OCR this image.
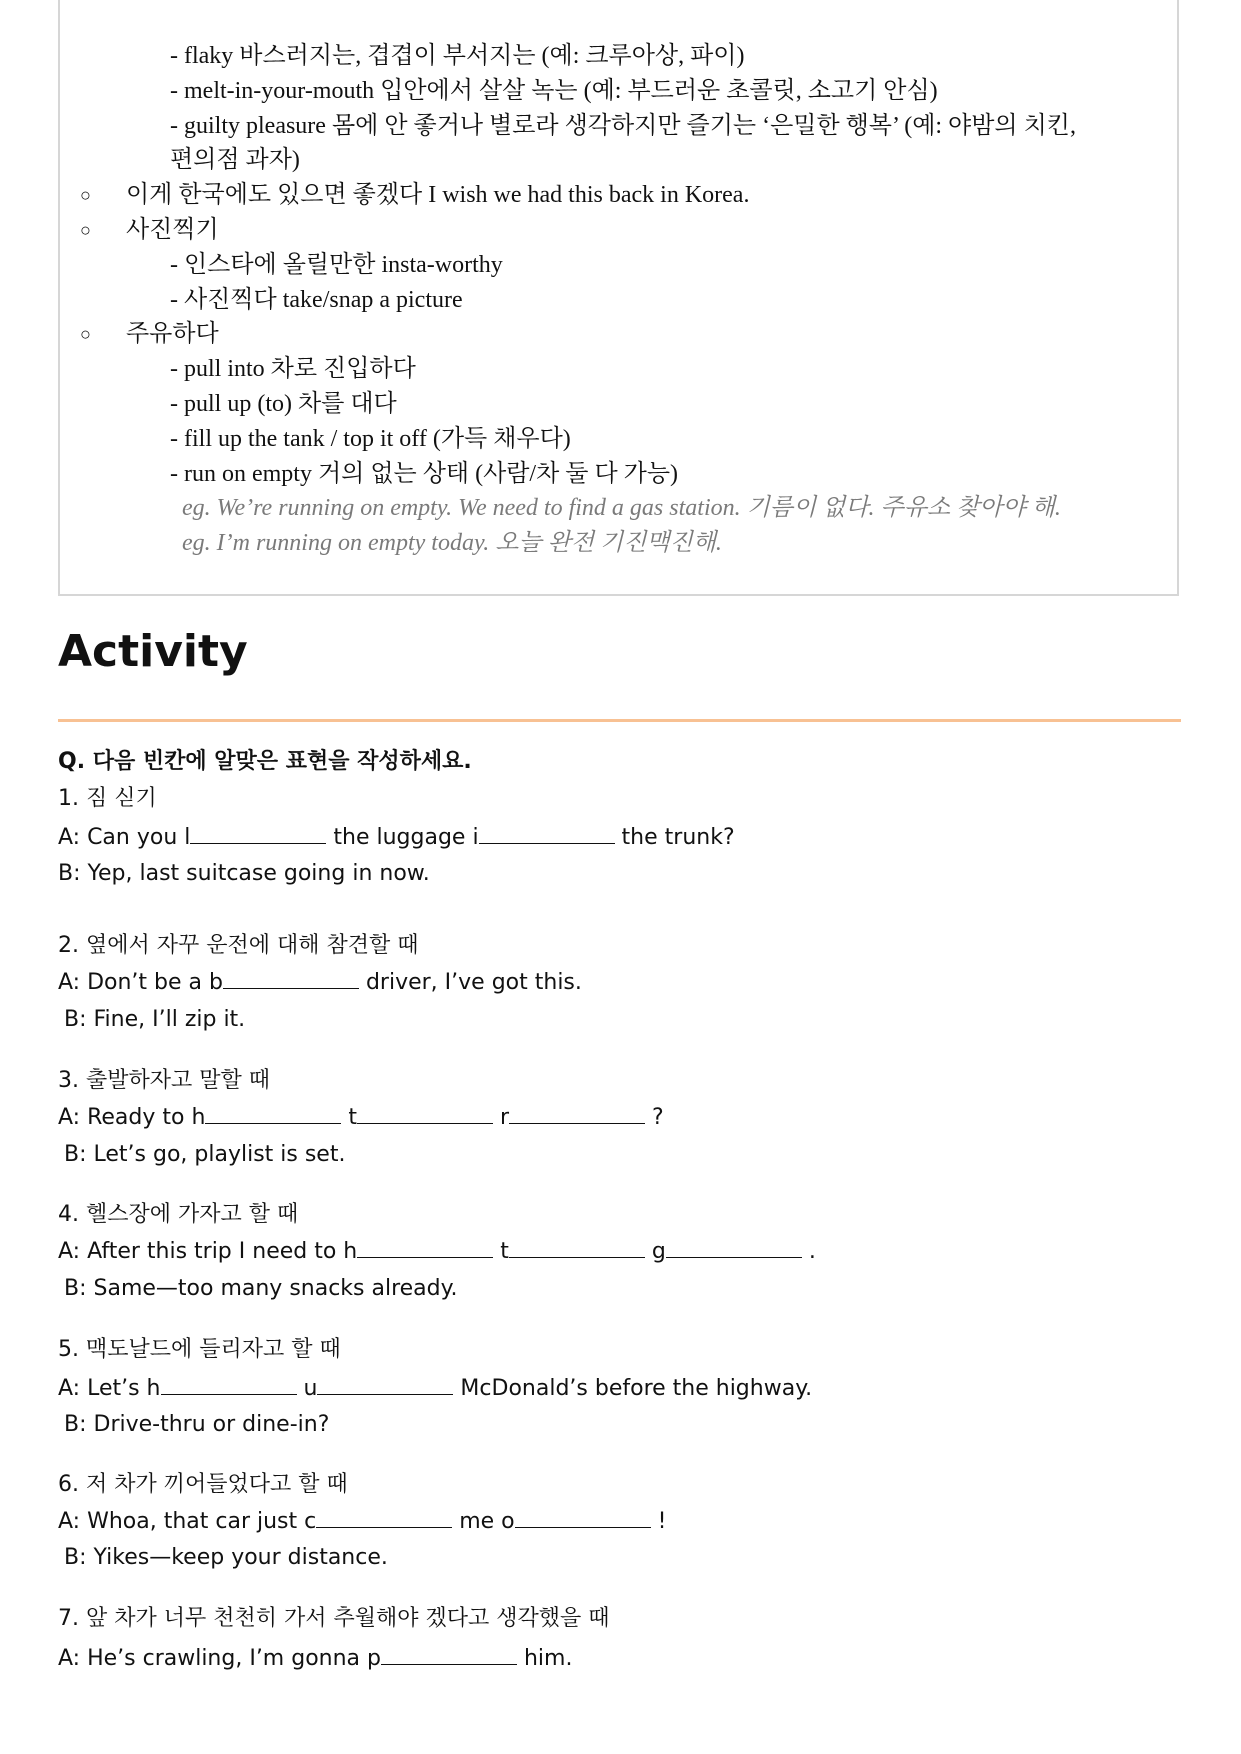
- flaky 바스러지는, 겹겹이 부서지는 (예: 크루아상, 파이)
- melt-in-your-mouth 입안에서 살살 녹는 (예: 부드러운 초콜릿, 소고기 안심)
- guilty pleasure 몸에 안 좋거나 별로라 생각하지만 즐기는 ‘은밀한 행복’ (예: 야밤의 치킨,
편의점 과자)
○ 이게 한국에도 있으면 좋겠다 I wish we had this back in Korea.
○ 사진찍기
- 인스타에 올릴만한 insta-worthy
- 사진찍다 take/snap a picture
○ 주유하다
- pull into 차로 진입하다
- pull up (to) 차를 대다
- fill up the tank / top it off (가득 채우다)
- run on empty 거의 없는 상태 (사람/차 둘 다 가능)
eg. We’re running on empty. We need to find a gas station. 기름이 없다. 주유소 찾아야 해.
eg. I’m running on empty today. 오늘 완전 기진맥진해.
Activity
Q. 다음 빈칸에 알맞은 표현을 작성하세요.
1. 짐 싣기
A: Can you l	the luggage i	the trunk?
B: Yep, last suitcase going in now.
2. 옆에서 자꾸 운전에 대해 참견할 때
A: Don’t be a b	driver, I’ve got this.
B: Fine, I’ll zip it.
3. 출발하자고 말할 때
A: Ready to h	t	r	?
B: Let’s go, playlist is set.
4. 헬스장에 가자고 할 때
A: After this trip I need to h	t	g	.
B: Same—too many snacks already.
5. 맥도날드에 들리자고 할 때
A: Let’s h	u	McDonald’s before the highway.
B: Drive-thru or dine-in?
6. 저 차가 끼어들었다고 할 때
A: Whoa, that car just c	me o	!
B: Yikes—keep your distance.
7. 앞 차가 너무 천천히 가서 추월해야 겠다고 생각했을 때
A: He’s crawling, I’m gonna p	him.
